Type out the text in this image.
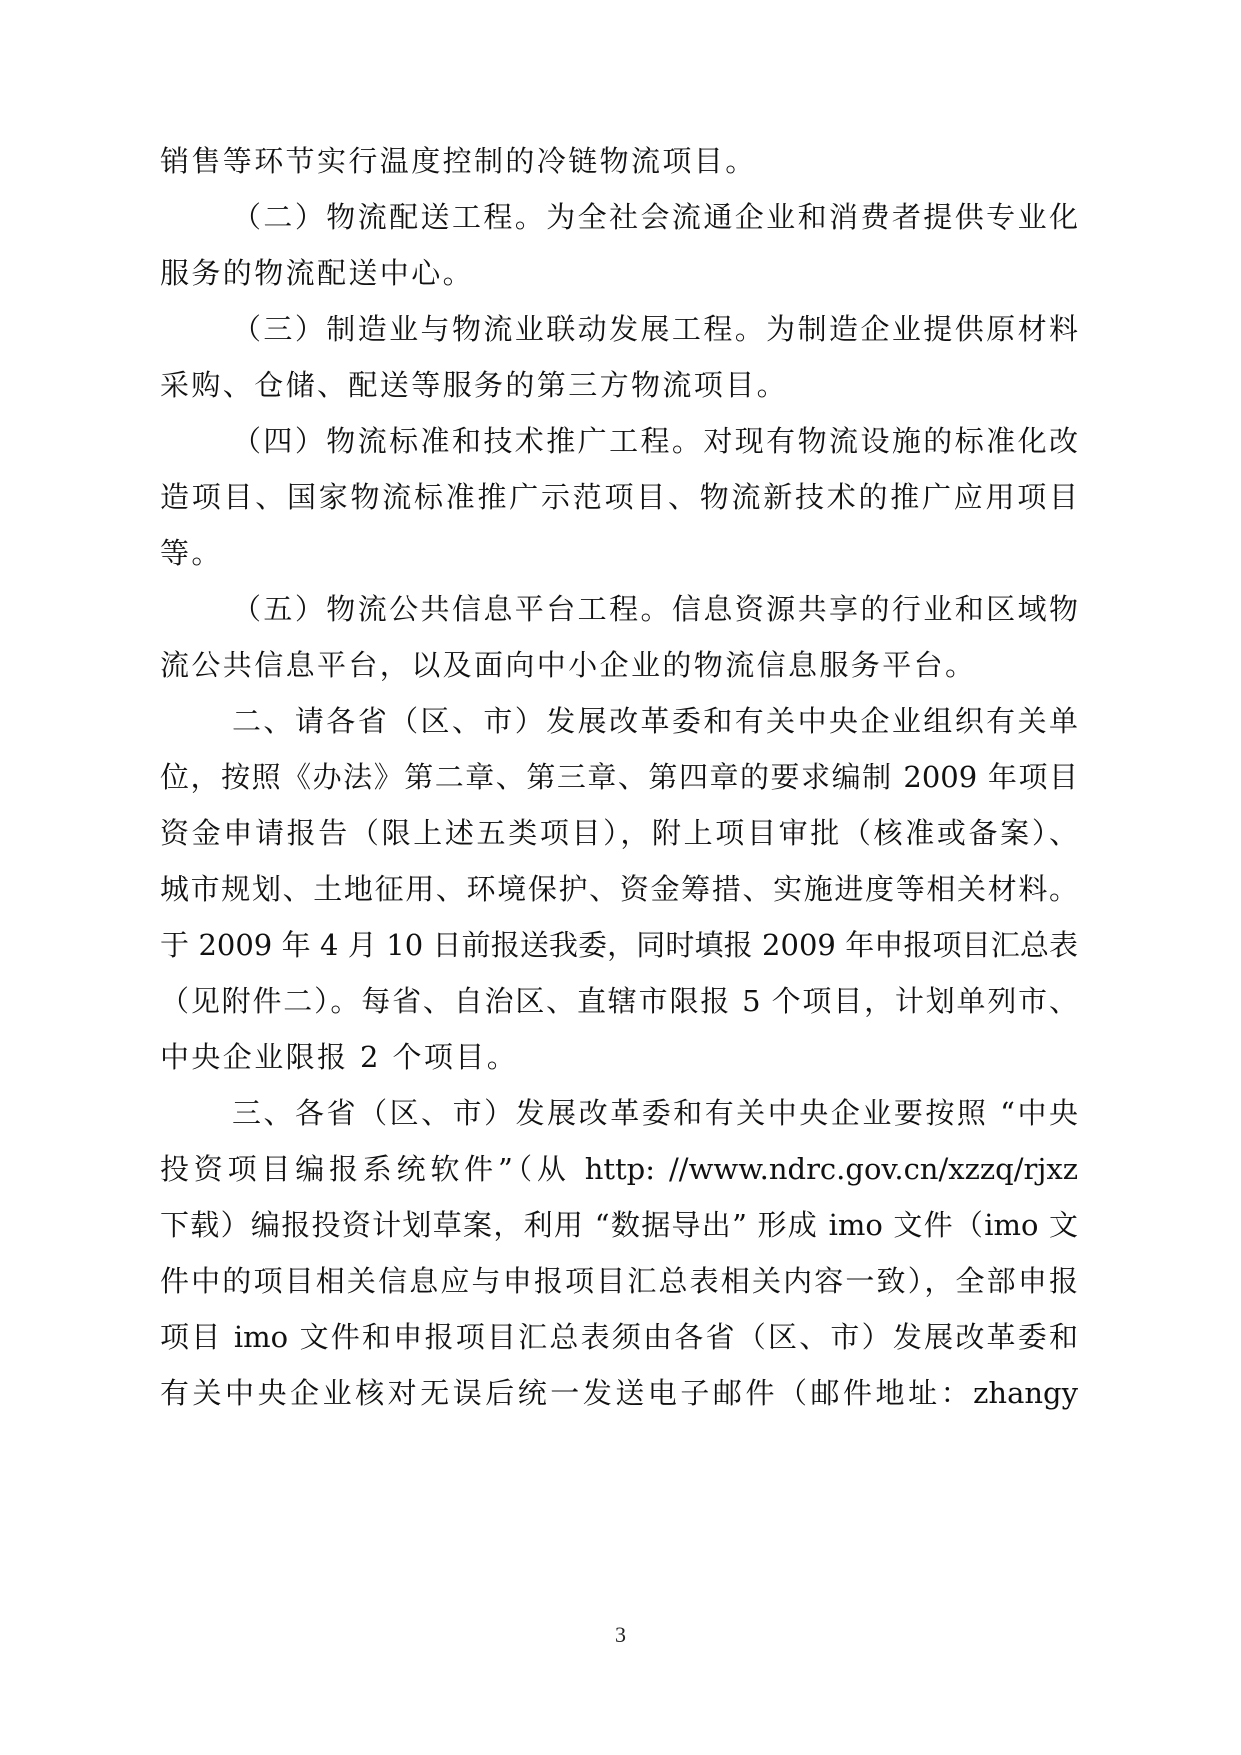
销售等环节实行温度控制的冷链物流项目。
（二）物流配送工程。为全社会流通企业和消费者提供专业化
服务的物流配送中心。
（三）制造业与物流业联动发展工程。为制造企业提供原材料
采购、仓储、配送等服务的第三方物流项目。
（四）物流标准和技术推广工程。对现有物流设施的标准化改
造项目、国家物流标准推广示范项目、物流新技术的推广应用项目
等。
（五）物流公共信息平台工程。信息资源共享的行业和区域物
流公共信息平台，以及面向中小企业的物流信息服务平台。
二、请各省（区、市）发展改革委和有关中央企业组织有关单
位，按照《办法》第二章、第三章、第四章的要求编制 2009 年项目
资金申请报告（限上述五类项目），附上项目审批（核准或备案）、
城市规划、土地征用、环境保护、资金筹措、实施进度等相关材料。
于 2009 年 4 月 10 日前报送我委，同时填报 2009 年申报项目汇总表
（见附件二）。每省、自治区、直辖市限报 5 个项目，计划单列市、
中央企业限报 2 个项目。
三、各省（区、市）发展改革委和有关中央企业要按照 “中央
投资项目编报系统软件”（从 http: //www.ndrc.gov.cn/xzzq/rjxz
下载）编报投资计划草案，利用 “数据导出” 形成 imo 文件（imo 文
件中的项目相关信息应与申报项目汇总表相关内容一致），全部申报
项目 imo 文件和申报项目汇总表须由各省（区、市）发展改革委和
有关中央企业核对无误后统一发送电子邮件（邮件地址：zhangy
3
